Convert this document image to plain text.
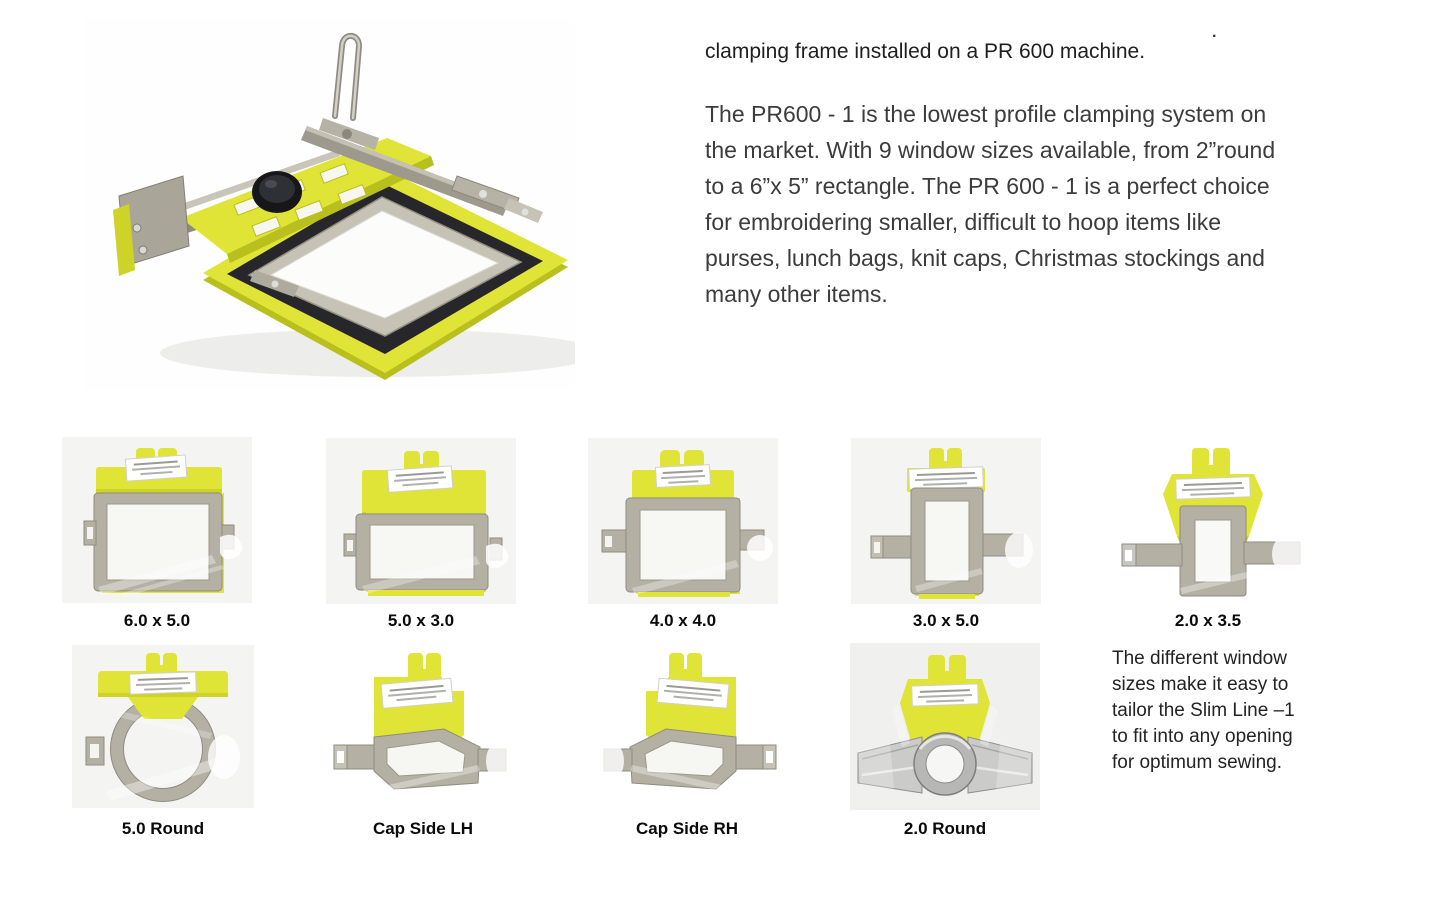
clamping frame installed on a PR 600 machine.
.
The PR600 - 1 is the lowest profile clamping system on the market. With 9 window sizes available, from 2”round to a 6”x 5” rectangle. The PR 600 - 1 is a perfect choice for embroidering smaller, difficult to hoop items like purses, lunch bags, knit caps, Christmas stockings and many other items.
6.0 x 5.0	5.0 x 3.0	4.0 x 4.0	3.0 x 5.0	2.0 x 3.5
5.0 Round	Cap Side LH	Cap Side RH	2.0 Round
The different window sizes make it easy to tailor the Slim Line –1 to fit into any opening for optimum sewing.
